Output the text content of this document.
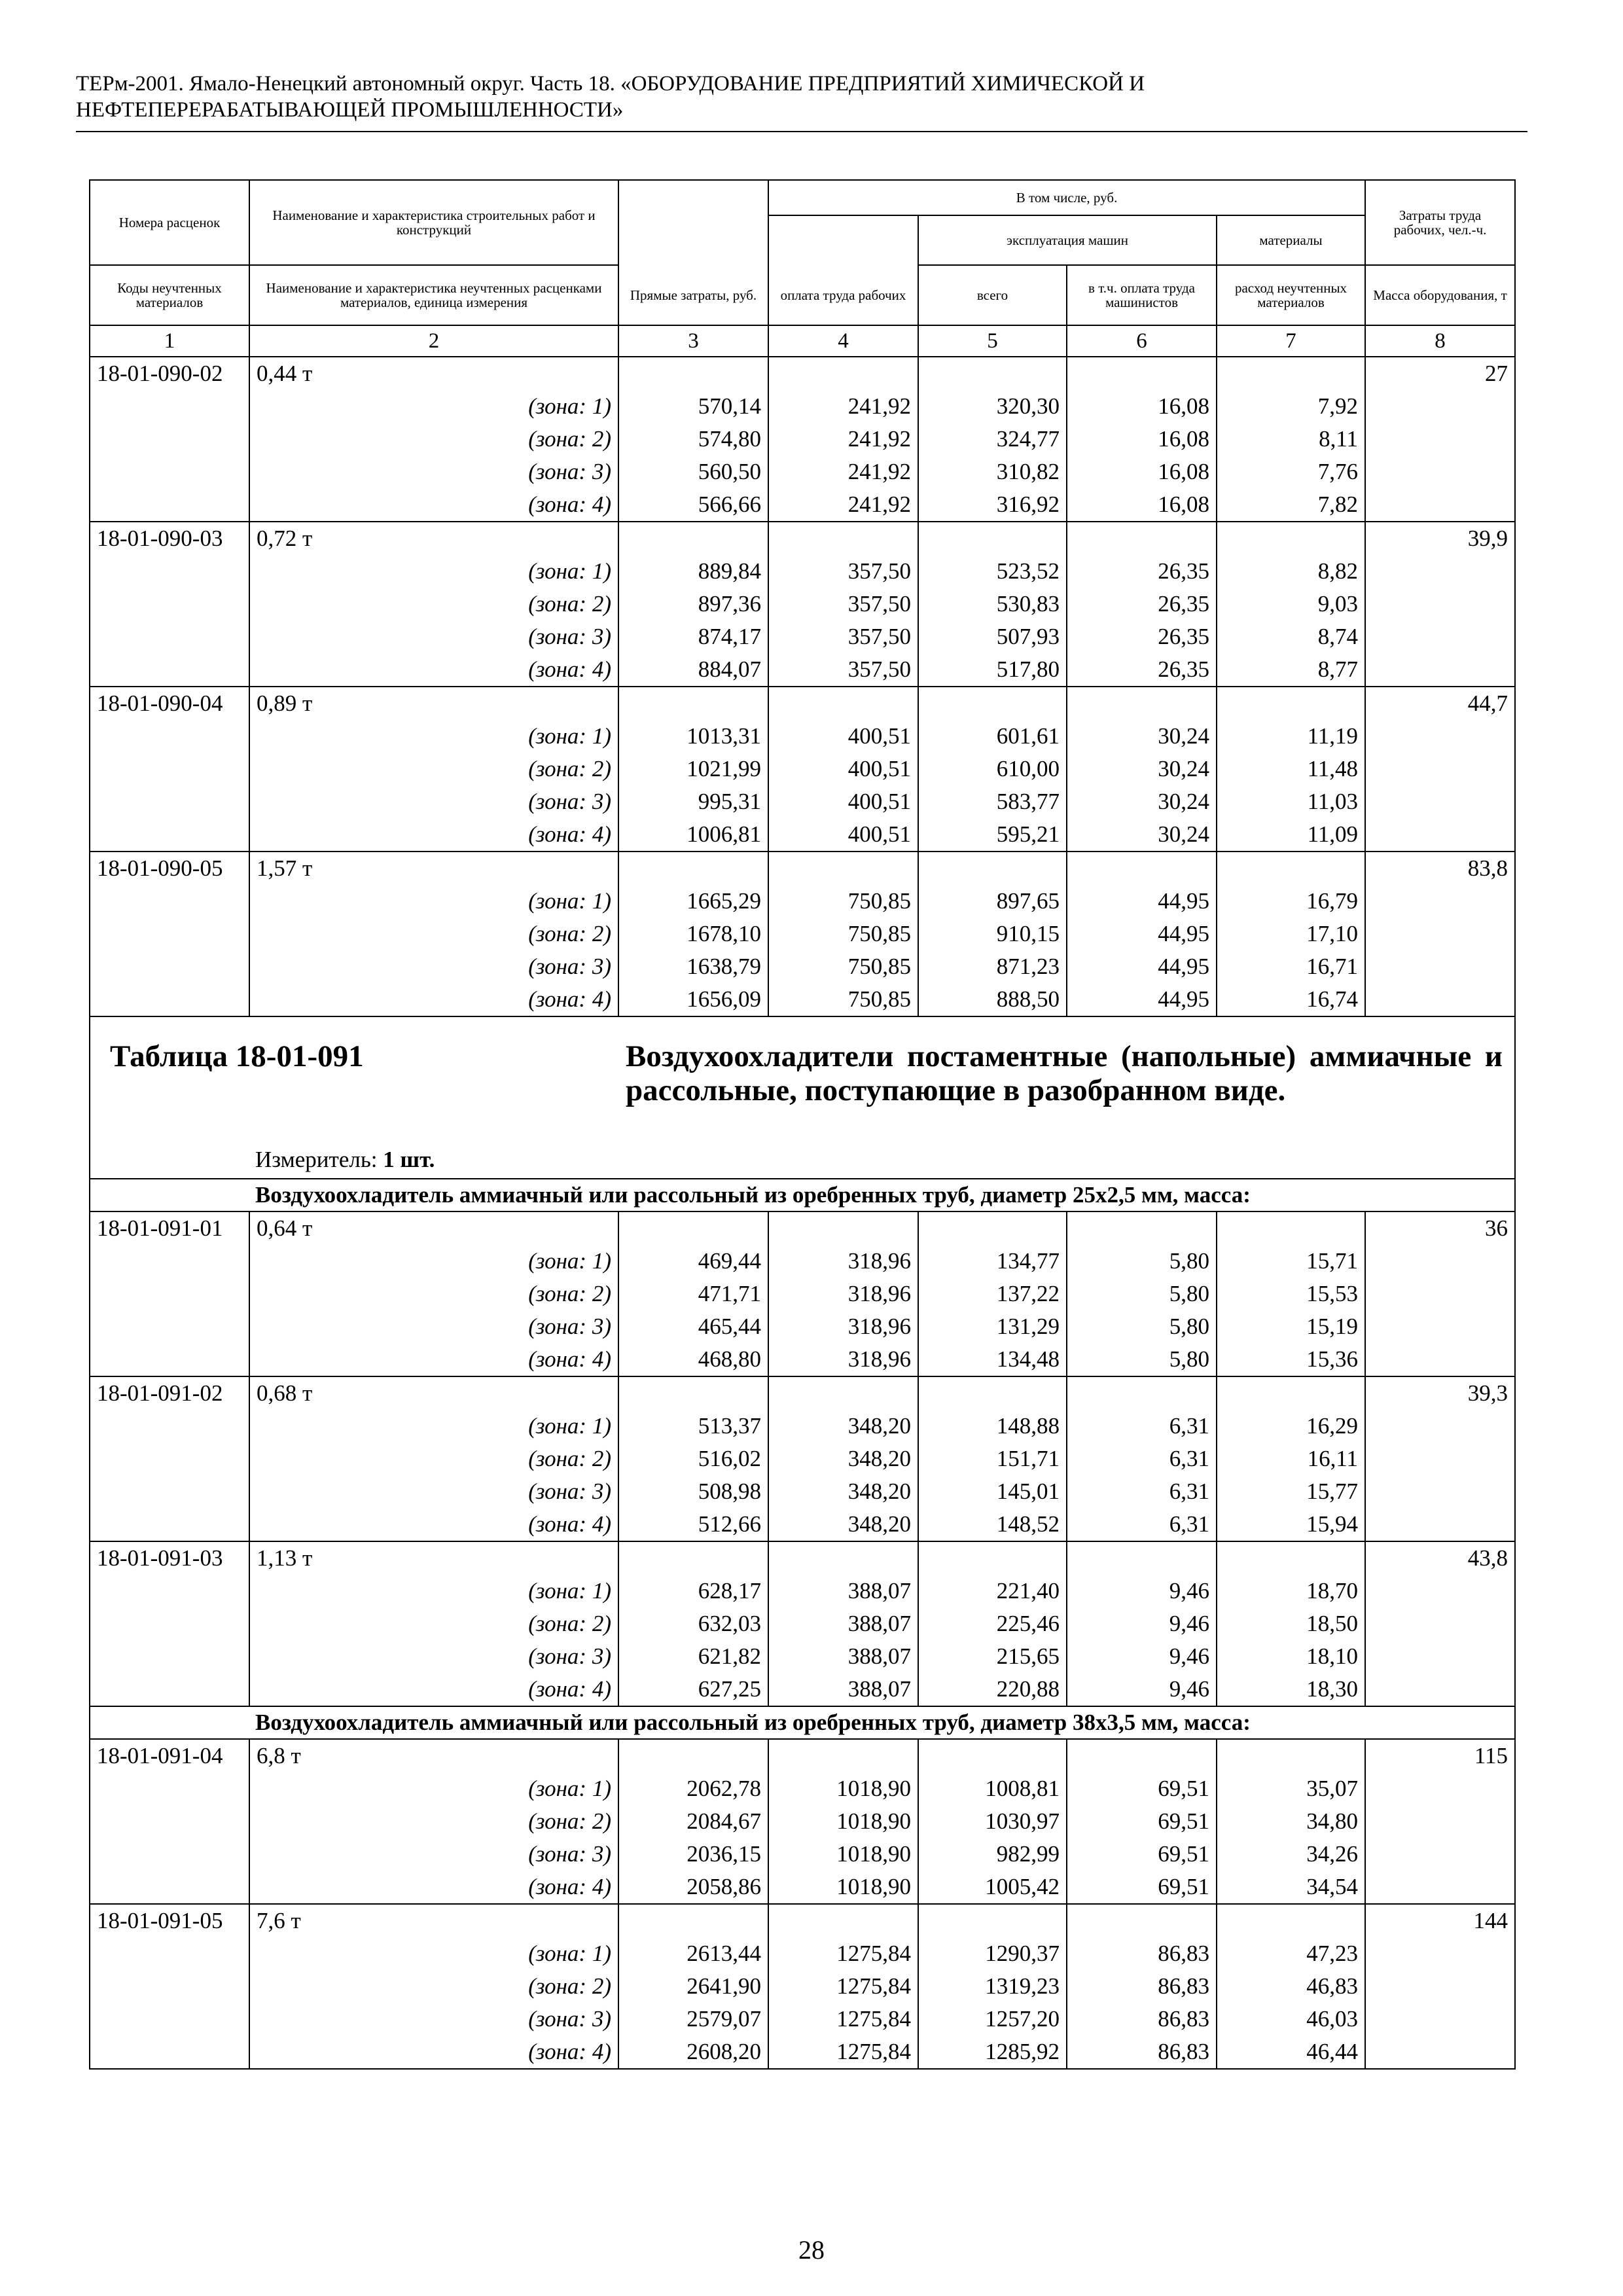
ТЕРм-2001. Ямало-Ненецкий автономный округ. Часть 18. «ОБОРУДОВАНИЕ ПРЕДПРИЯТИЙ ХИМИЧЕСКОЙ И
НЕФТЕПЕРЕРАБАТЫВАЮЩЕЙ ПРОМЫШЛЕННОСТИ»
Номера расценок	Наименование и характеристика строительных работ и конструкций		В том числе, руб.				Затраты труда рабочих, чел.-ч.
				эксплуатация машин		материалы	
Коды неучтенных материалов	Наименование и характеристика неучтенных расценками материалов, единица измерения	Прямые затраты, руб.	оплата труда рабочих	всего	в т.ч. оплата труда машинистов	расход неучтенных материалов	Масса оборудования, т
1	2	3	4	5	6	7	8
18-01-090-02	0,44 т						27
	(зона: 1)	570,14	241,92	320,30	16,08	7,92	
	(зона: 2)	574,80	241,92	324,77	16,08	8,11	
	(зона: 3)	560,50	241,92	310,82	16,08	7,76	
	(зона: 4)	566,66	241,92	316,92	16,08	7,82	
18-01-090-03	0,72 т						39,9
	(зона: 1)	889,84	357,50	523,52	26,35	8,82	
	(зона: 2)	897,36	357,50	530,83	26,35	9,03	
	(зона: 3)	874,17	357,50	507,93	26,35	8,74	
	(зона: 4)	884,07	357,50	517,80	26,35	8,77	
18-01-090-04	0,89 т						44,7
	(зона: 1)	1013,31	400,51	601,61	30,24	11,19	
	(зона: 2)	1021,99	400,51	610,00	30,24	11,48	
	(зона: 3)	995,31	400,51	583,77	30,24	11,03	
	(зона: 4)	1006,81	400,51	595,21	30,24	11,09	
18-01-090-05	1,57 т						83,8
	(зона: 1)	1665,29	750,85	897,65	44,95	16,79	
	(зона: 2)	1678,10	750,85	910,15	44,95	17,10	
	(зона: 3)	1638,79	750,85	871,23	44,95	16,71	
	(зона: 4)	1656,09	750,85	888,50	44,95	16,74	

Таблица 18-01-091 Воздухоохладители постаментные (напольные) аммиачные и рассольные, поступающие в разобранном виде.
Измеритель: 1 шт.							

Воздухоохладитель аммиачный или рассольный из оребренных труб, диаметр 25х2,5 мм, масса:							
18-01-091-01	0,64 т						36
	(зона: 1)	469,44	318,96	134,77	5,80	15,71	
	(зона: 2)	471,71	318,96	137,22	5,80	15,53	
	(зона: 3)	465,44	318,96	131,29	5,80	15,19	
	(зона: 4)	468,80	318,96	134,48	5,80	15,36	
18-01-091-02	0,68 т						39,3
	(зона: 1)	513,37	348,20	148,88	6,31	16,29	
	(зона: 2)	516,02	348,20	151,71	6,31	16,11	
	(зона: 3)	508,98	348,20	145,01	6,31	15,77	
	(зона: 4)	512,66	348,20	148,52	6,31	15,94	
18-01-091-03	1,13 т						43,8
	(зона: 1)	628,17	388,07	221,40	9,46	18,70	
	(зона: 2)	632,03	388,07	225,46	9,46	18,50	
	(зона: 3)	621,82	388,07	215,65	9,46	18,10	
	(зона: 4)	627,25	388,07	220,88	9,46	18,30	
Воздухоохладитель аммиачный или рассольный из оребренных труб, диаметр 38х3,5 мм, масса:							
18-01-091-04	6,8 т						115
	(зона: 1)	2062,78	1018,90	1008,81	69,51	35,07	
	(зона: 2)	2084,67	1018,90	1030,97	69,51	34,80	
	(зона: 3)	2036,15	1018,90	982,99	69,51	34,26	
	(зона: 4)	2058,86	1018,90	1005,42	69,51	34,54	
18-01-091-05	7,6 т						144
	(зона: 1)	2613,44	1275,84	1290,37	86,83	47,23	
	(зона: 2)	2641,90	1275,84	1319,23	86,83	46,83	
	(зона: 3)	2579,07	1275,84	1257,20	86,83	46,03	
	(зона: 4)	2608,20	1275,84	1285,92	86,83	46,44	
28
